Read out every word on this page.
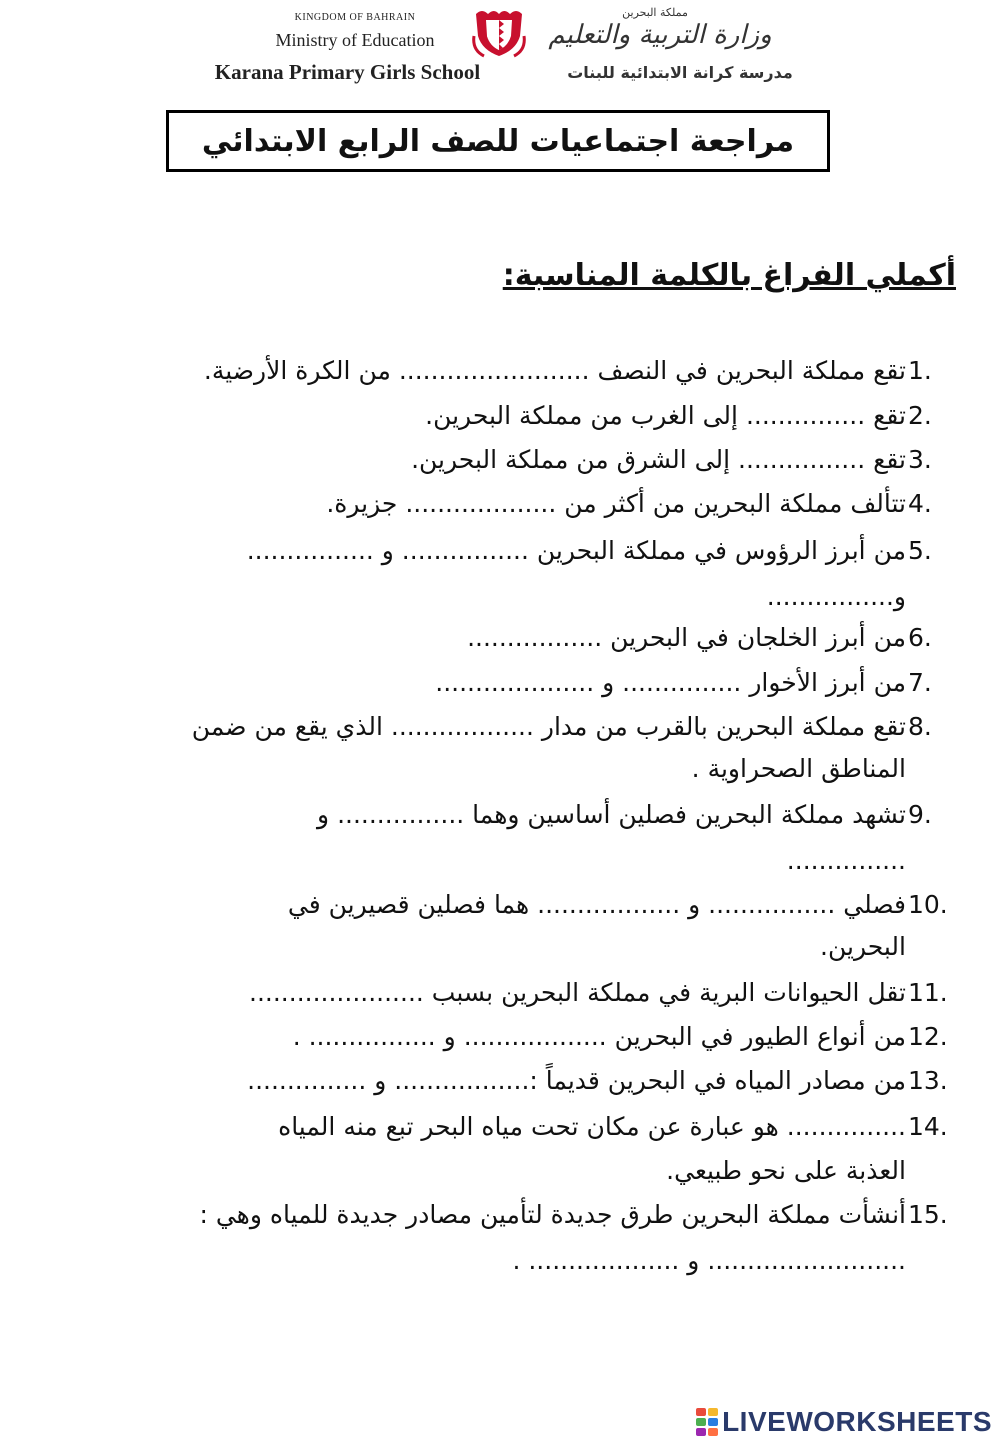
KINGDOM OF BAHRAIN
Ministry of Education
Karana Primary Girls School
مملكة البحرين
وزارة التربية والتعليم
مدرسة كرانة الابتدائية للبنات
مراجعة اجتماعيات للصف الرابع الابتدائي
أكملي الفراغ بالكلمة المناسبة:
1.
تقع مملكة البحرين في النصف ........................ من الكرة الأرضية.
2.
تقع ............... إلى الغرب من مملكة البحرين.
3.
تقع ................ إلى الشرق من مملكة البحرين.
4.
تتألف مملكة البحرين من أكثر من ................... جزيرة.
5.
من أبرز الرؤوس في مملكة البحرين ................ و ................
و................
6.
من أبرز الخلجان في البحرين .................
7.
من أبرز الأخوار ............... و ....................
8.
تقع مملكة البحرين بالقرب من مدار .................. الذي يقع من ضمن
المناطق الصحراوية .
9.
تشهد مملكة البحرين فصلين أساسين وهما ................ و
...............
10.
فصلي ................ و .................. هما فصلين قصيرين في
البحرين.
11.
تقل الحيوانات البرية في مملكة البحرين بسبب ......................
12.
من أنواع الطيور في البحرين .................. و ................ .
13.
من مصادر المياه في البحرين قديماً :................. و ...............
14.
............... هو عبارة عن مكان تحت مياه البحر تبع منه المياه
العذبة على نحو طبيعي.
15.
أنشأت مملكة البحرين طرق جديدة لتأمين مصادر جديدة للمياه وهي :
......................... و ................... .
LIVEWORKSHEETS
